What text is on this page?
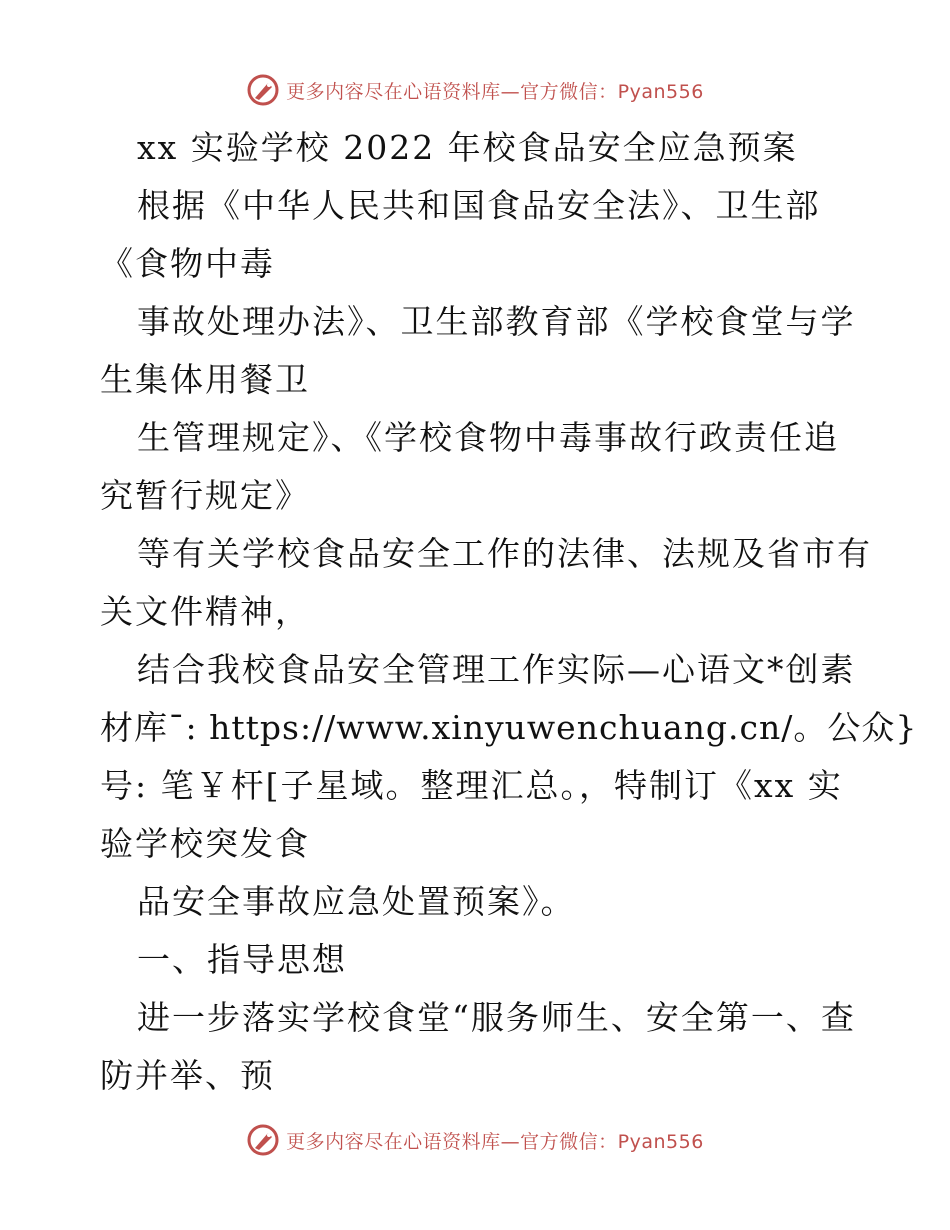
更多内容尽在心语资料库—官方微信：Pyan556
xx 实验学校 2022 年校食品安全应急预案
根据《中华人民共和国食品安全法》、卫生部
《食物中毒
事故处理办法》、卫生部教育部《学校食堂与学
生集体用餐卫
生管理规定》、《学校食物中毒事故行政责任追
究暂行规定》
等有关学校食品安全工作的法律、法规及省市有
关文件精神，
结合我校食品安全管理工作实际—心语文*创素
材库¯: https://www.xinyuwenchuang.cn/。公众}
号: 笔￥杆[子星域。整理汇总。，特制订《xx 实
验学校突发食
品安全事故应急处置预案》。
一、指导思想
进一步落实学校食堂“服务师生、安全第一、查
防并举、预
更多内容尽在心语资料库—官方微信：Pyan556
